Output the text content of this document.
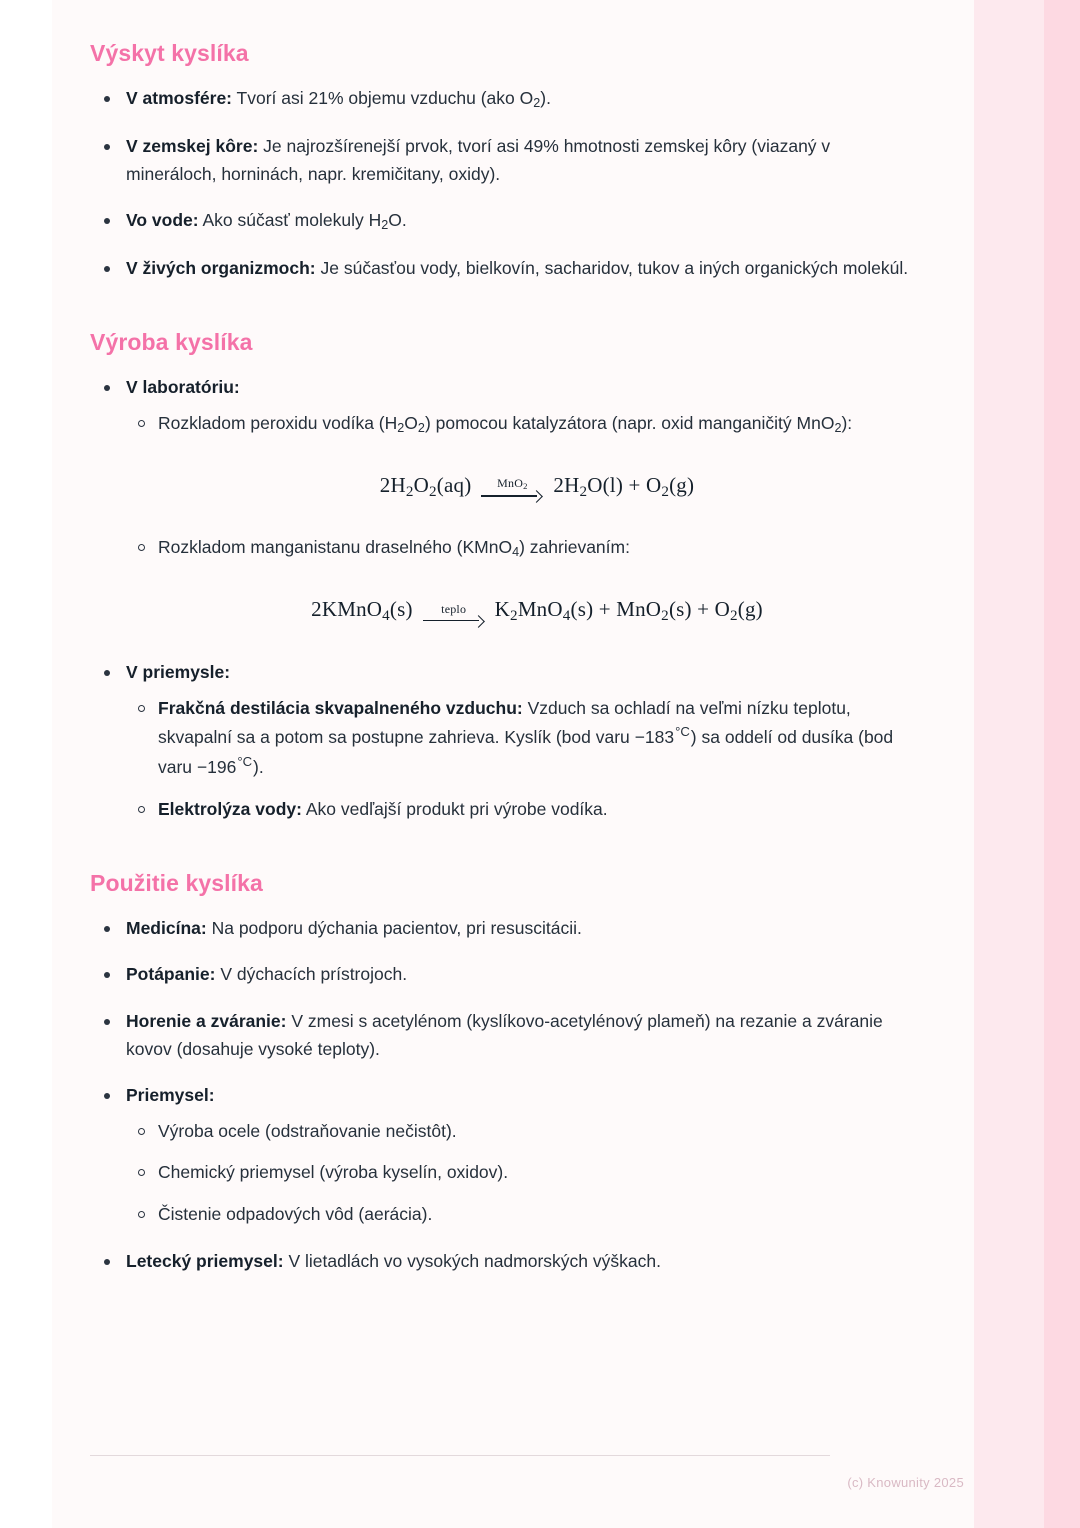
Výskyt kyslíka
V atmosfére: Tvorí asi 21% objemu vzduchu (ako $O_2$).
V zemskej kôre: Je najrozšírenejší prvok, tvorí asi 49% hmotnosti zemskej kôry (viazaný v mineráloch, horninách, napr. kremičitany, oxidy).
Vo vode: Ako súčasť molekuly $H_2O$.
V živých organizmoch: Je súčasťou vody, bielkovín, sacharidov, tukov a iných organických molekúl.
Výroba kyslíka
V laboratóriu:
Rozkladom peroxidu vodíka $(H_2O_2)$ pomocou katalyzátora (napr. oxid manganičitý MnO$_2$):
$2H_2O_2(aq)$ MnO$_2$ $2H_2O(l) + O_2(g)$
Rozkladom manganistanu draselného (KMnO$_4$) zahrievaním:
2KMnO$_4$(s) teplo $K_2MnO_4(s) + MnO_2(s) + O_2(g)$
V priemysle:
Frakčná destilácia skvapalneného vzduchu: Vzduch sa ochladí na veľmi nízku teplotu, skvapalní sa a potom sa postupne zahrieva. Kyslík (bod varu $-183^{^\circ C}$) sa oddelí od dusíka (bod varu $-196^{^\circ C}$).
Elektrolýza vody: Ako vedľajší produkt pri výrobe vodíka.
Použitie kyslíka
Medicína: Na podporu dýchania pacientov, pri resuscitácii.
Potápanie: V dýchacích prístrojoch.
Horenie a zváranie: V zmesi s acetylénom (kyslíkovo-acetylénový plameň) na rezanie a zváranie kovov (dosahuje vysoké teploty).
Priemysel:
Výroba ocele (odstraňovanie nečistôt).
Chemický priemysel (výroba kyselín, oxidov).
Čistenie odpadových vôd (aerácia).
Letecký priemysel: V lietadlách vo vysokých nadmorských výškach.
(c) Knowunity 2025
